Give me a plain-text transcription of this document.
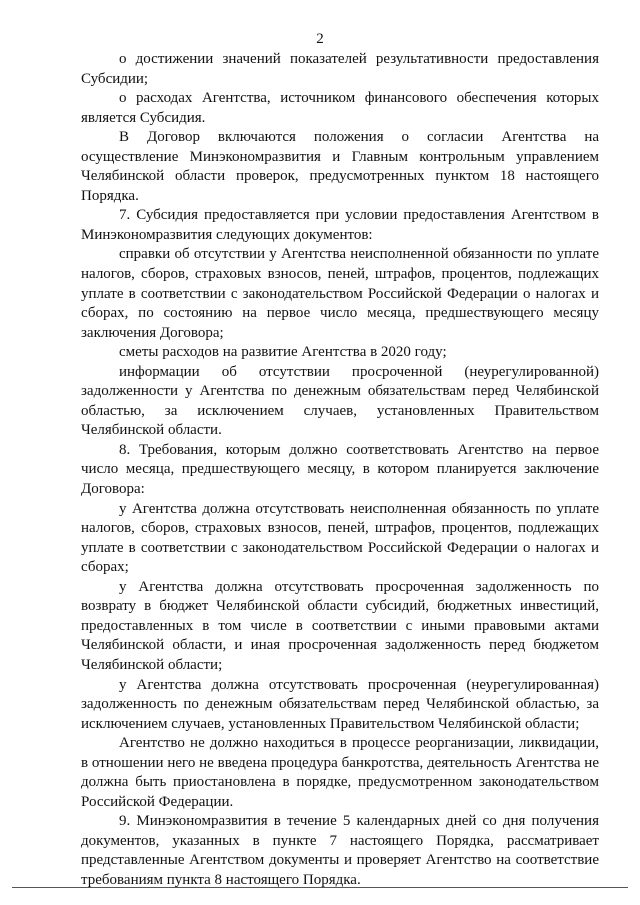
2

о достижении значений показателей результативности предоставления Субсидии;

о расходах Агентства, источником финансового обеспечения которых является Субсидия.

В Договор включаются положения о согласии Агентства на осуществление Минэкономразвития и Главным контрольным управлением Челябинской области проверок, предусмотренных пунктом 18 настоящего Порядка.

7. Субсидия предоставляется при условии предоставления Агентством в Минэкономразвития следующих документов:

справки об отсутствии у Агентства неисполненной обязанности по уплате налогов, сборов, страховых взносов, пеней, штрафов, процентов, подлежащих уплате в соответствии с законодательством Российской Федерации о налогах и сборах, по состоянию на первое число месяца, предшествующего месяцу заключения Договора;

сметы расходов на развитие Агентства в 2020 году;

информации об отсутствии просроченной (неурегулированной) задолженности у Агентства по денежным обязательствам перед Челябинской областью, за исключением случаев, установленных Правительством Челябинской области.

8. Требования, которым должно соответствовать Агентство на первое число месяца, предшествующего месяцу, в котором планируется заключение Договора:

у Агентства должна отсутствовать неисполненная обязанность по уплате налогов, сборов, страховых взносов, пеней, штрафов, процентов, подлежащих уплате в соответствии с законодательством Российской Федерации о налогах и сборах;

у Агентства должна отсутствовать просроченная задолженность по возврату в бюджет Челябинской области субсидий, бюджетных инвестиций, предоставленных в том числе в соответствии с иными правовыми актами Челябинской области, и иная просроченная задолженность перед бюджетом Челябинской области;

у Агентства должна отсутствовать просроченная (неурегулированная) задолженность по денежным обязательствам перед Челябинской областью, за исключением случаев, установленных Правительством Челябинской области;

Агентство не должно находиться в процессе реорганизации, ликвидации, в отношении него не введена процедура банкротства, деятельность Агентства не должна быть приостановлена в порядке, предусмотренном законодательством Российской Федерации.

9. Минэкономразвития в течение 5 календарных дней со дня получения документов, указанных в пункте 7 настоящего Порядка, рассматривает представленные Агентством документы и проверяет Агентство на соответствие требованиям пункта 8 настоящего Порядка.
